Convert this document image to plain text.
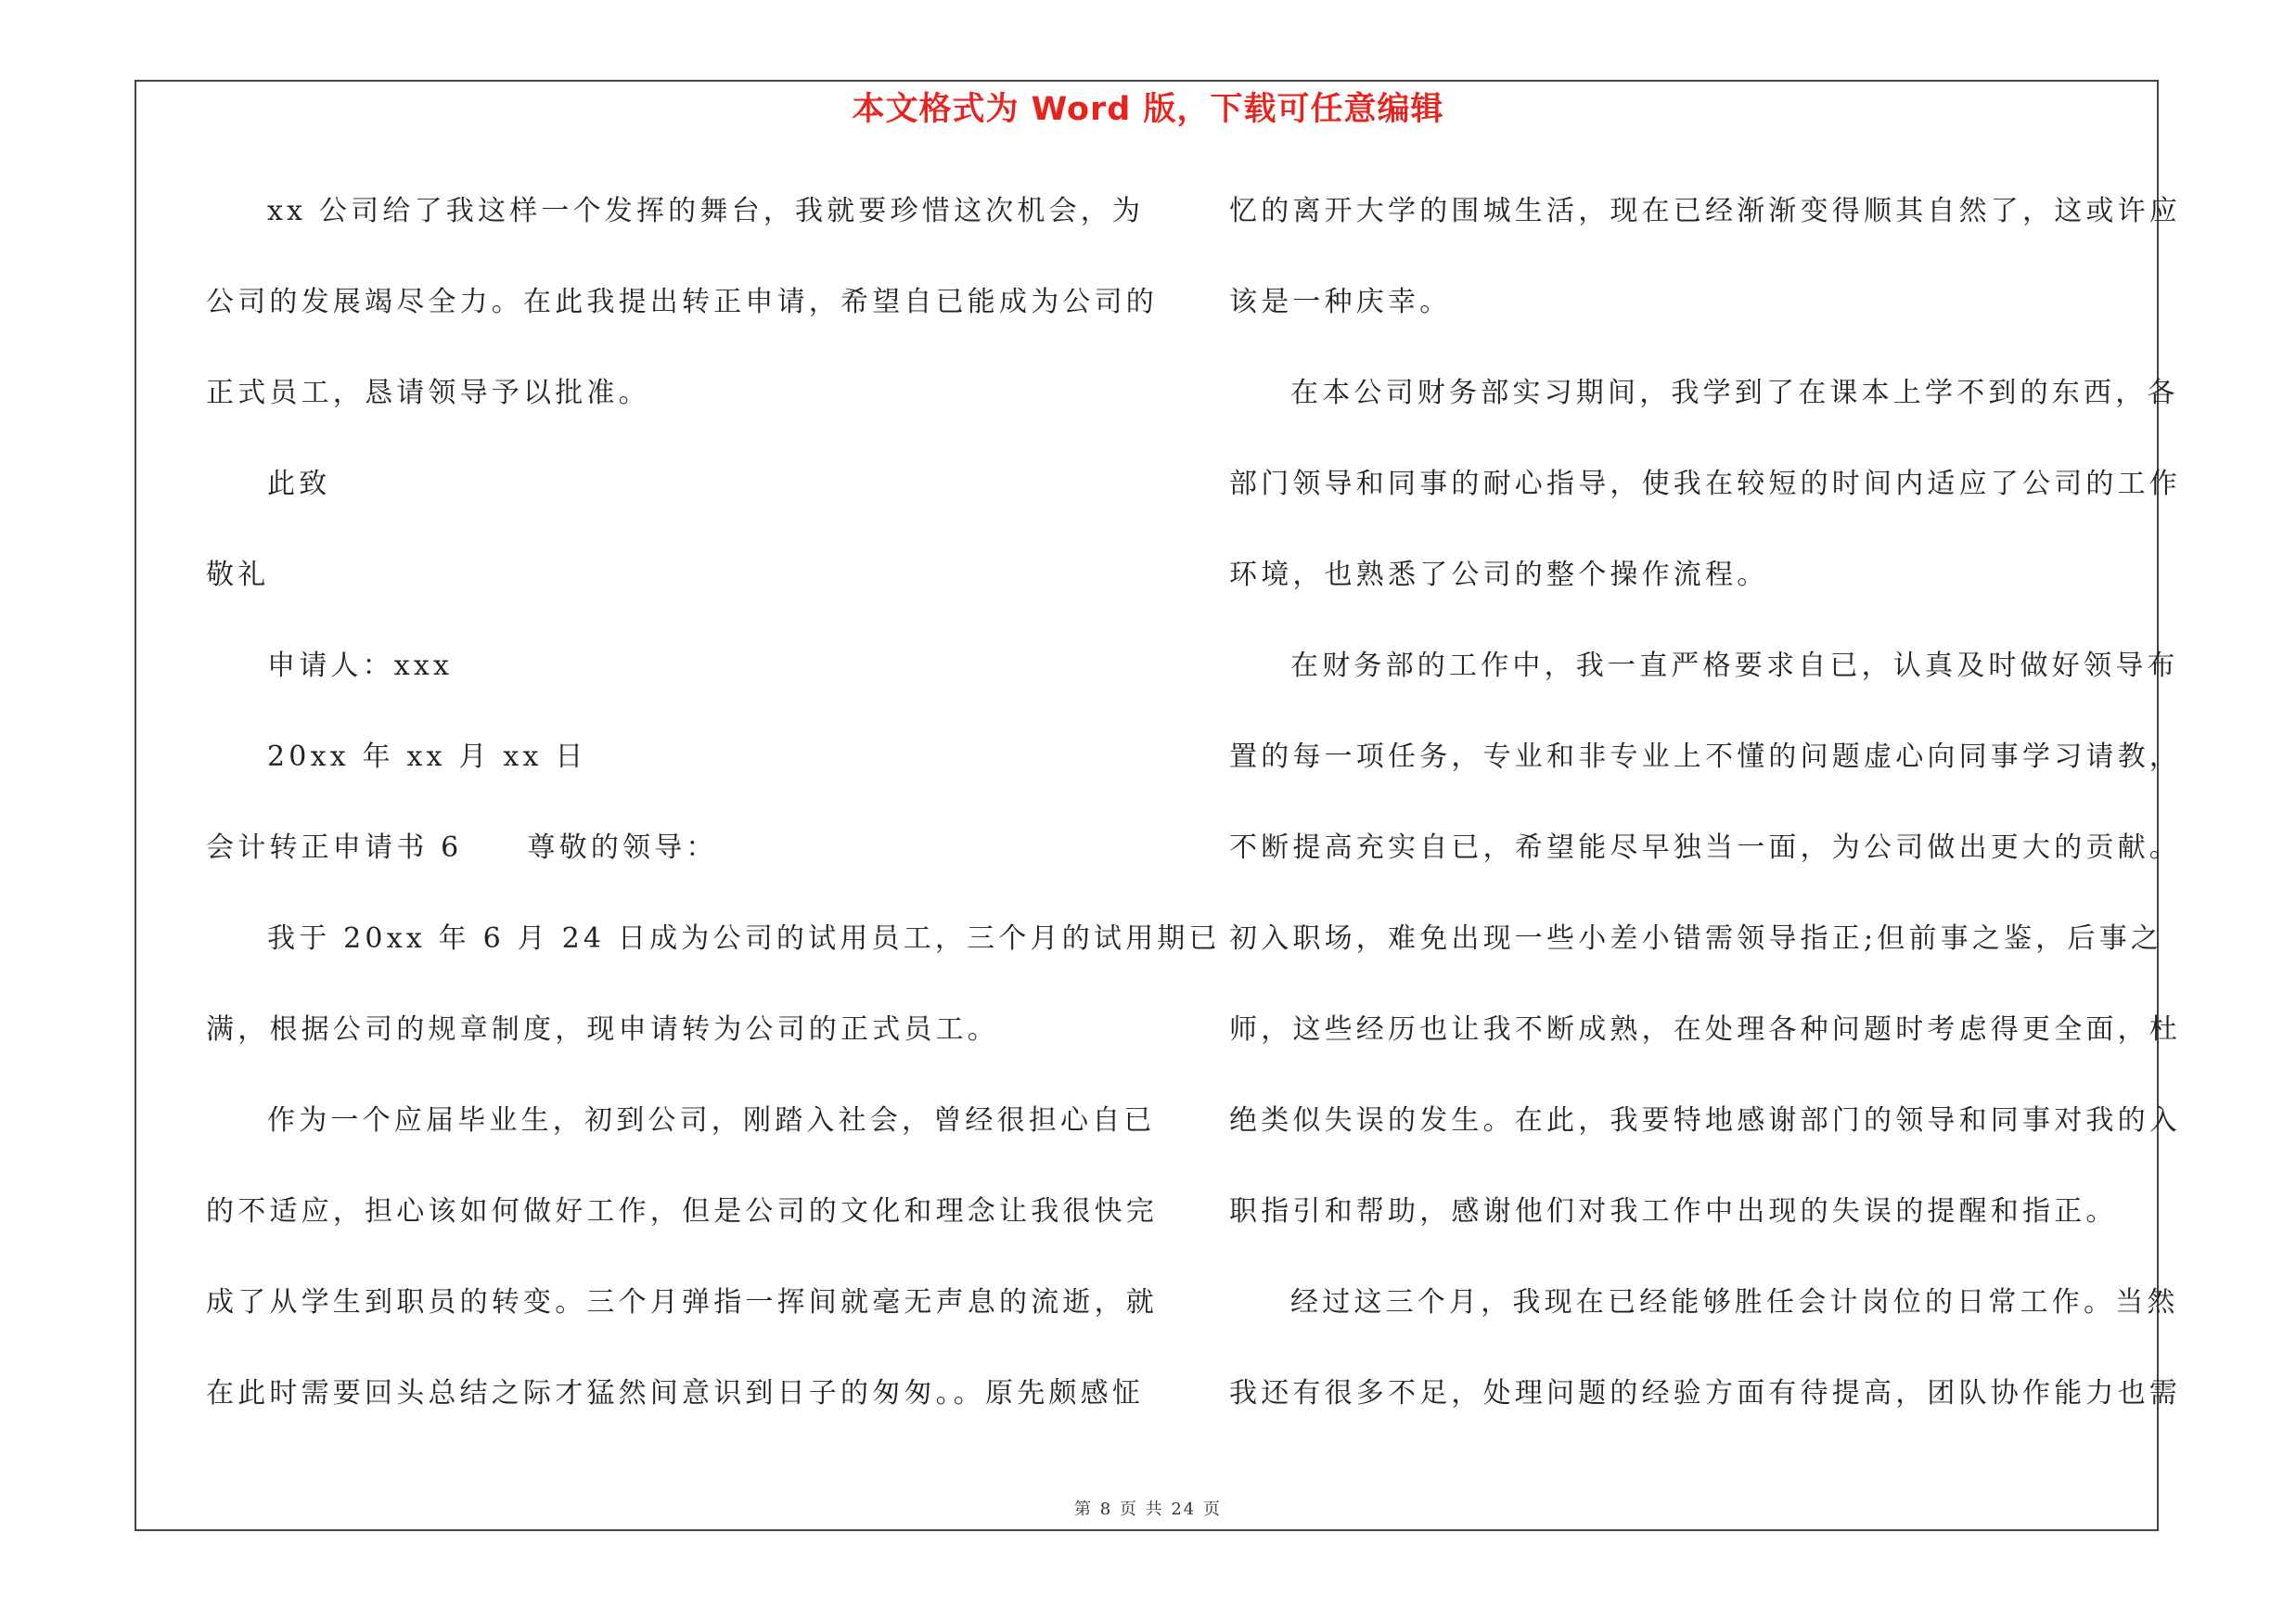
本文格式为 Word 版，下载可任意编辑
xx 公司给了我这样一个发挥的舞台，我就要珍惜这次机会，为
公司的发展竭尽全力。在此我提出转正申请，希望自已能成为公司的
正式员工，恳请领导予以批准。
此致
敬礼
申请人：xxx
20xx 年 xx 月 xx 日
会计转正申请书 6 尊敬的领导：
我于 20xx 年 6 月 24 日成为公司的试用员工，三个月的试用期已
满，根据公司的规章制度，现申请转为公司的正式员工。
作为一个应届毕业生，初到公司，刚踏入社会，曾经很担心自已
的不适应，担心该如何做好工作，但是公司的文化和理念让我很快完
成了从学生到职员的转变。三个月弹指一挥间就毫无声息的流逝，就
在此时需要回头总结之际才猛然间意识到日子的匆匆。。原先颇感怔
忆的离开大学的围城生活，现在已经渐渐变得顺其自然了，这或许应
该是一种庆幸。
在本公司财务部实习期间，我学到了在课本上学不到的东西，各
部门领导和同事的耐心指导，使我在较短的时间内适应了公司的工作
环境，也熟悉了公司的整个操作流程。
在财务部的工作中，我一直严格要求自已，认真及时做好领导布
置的每一项任务，专业和非专业上不懂的问题虚心向同事学习请教，
不断提高充实自已，希望能尽早独当一面，为公司做出更大的贡献。
初入职场，难免出现一些小差小错需领导指正;但前事之鉴，后事之
师，这些经历也让我不断成熟，在处理各种问题时考虑得更全面，杜
绝类似失误的发生。在此，我要特地感谢部门的领导和同事对我的入
职指引和帮助，感谢他们对我工作中出现的失误的提醒和指正。
经过这三个月，我现在已经能够胜任会计岗位的日常工作。当然
我还有很多不足，处理问题的经验方面有待提高，团队协作能力也需
第 8 页 共 24 页
